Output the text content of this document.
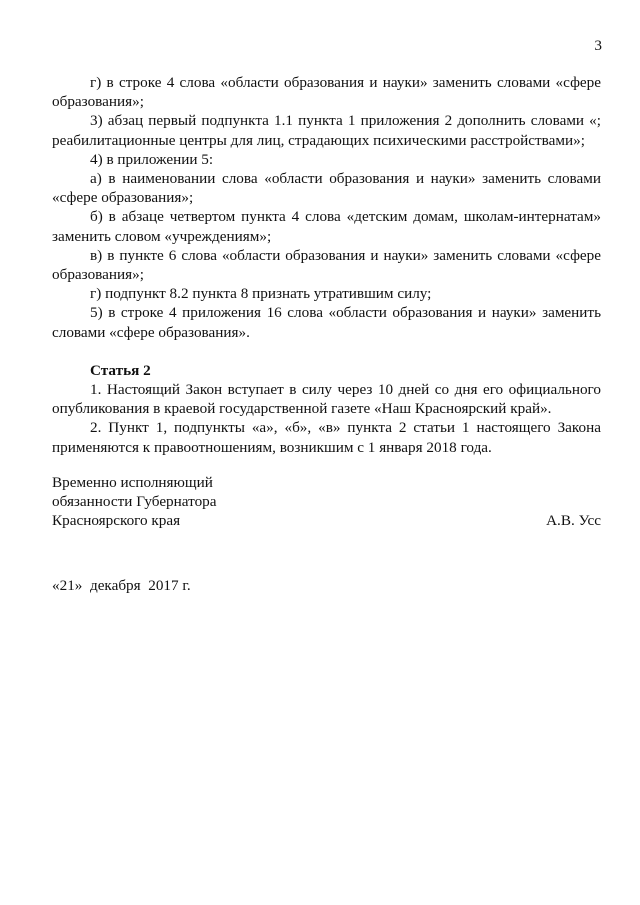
3

г) в строке 4 слова «области образования и науки» заменить словами «сфере образования»;

3) абзац первый подпункта 1.1 пункта 1 приложения 2 дополнить словами «; реабилитационные центры для лиц, страдающих психическими расстройствами»;

4) в приложении 5:

а) в наименовании слова «области образования и науки» заменить словами «сфере образования»;

б) в абзаце четвертом пункта 4 слова «детским домам, школам-интернатам» заменить словом «учреждениям»;

в) в пункте 6 слова «области образования и науки» заменить словами «сфере образования»;

г) подпункт 8.2 пункта 8 признать утратившим силу;

5) в строке 4 приложения 16 слова «области образования и науки» заменить словами «сфере образования».

Статья 2

1. Настоящий Закон вступает в силу через 10 дней со дня его официального опубликования в краевой государственной газете «Наш Красноярский край».

2. Пункт 1, подпункты «а», «б», «в» пункта 2 статьи 1 настоящего Закона применяются к правоотношениям, возникшим с 1 января 2018 года.

Временно исполняющий

обязанности Губернатора

Красноярского края	А.В. Усс
«21»  декабря  2017 г.
